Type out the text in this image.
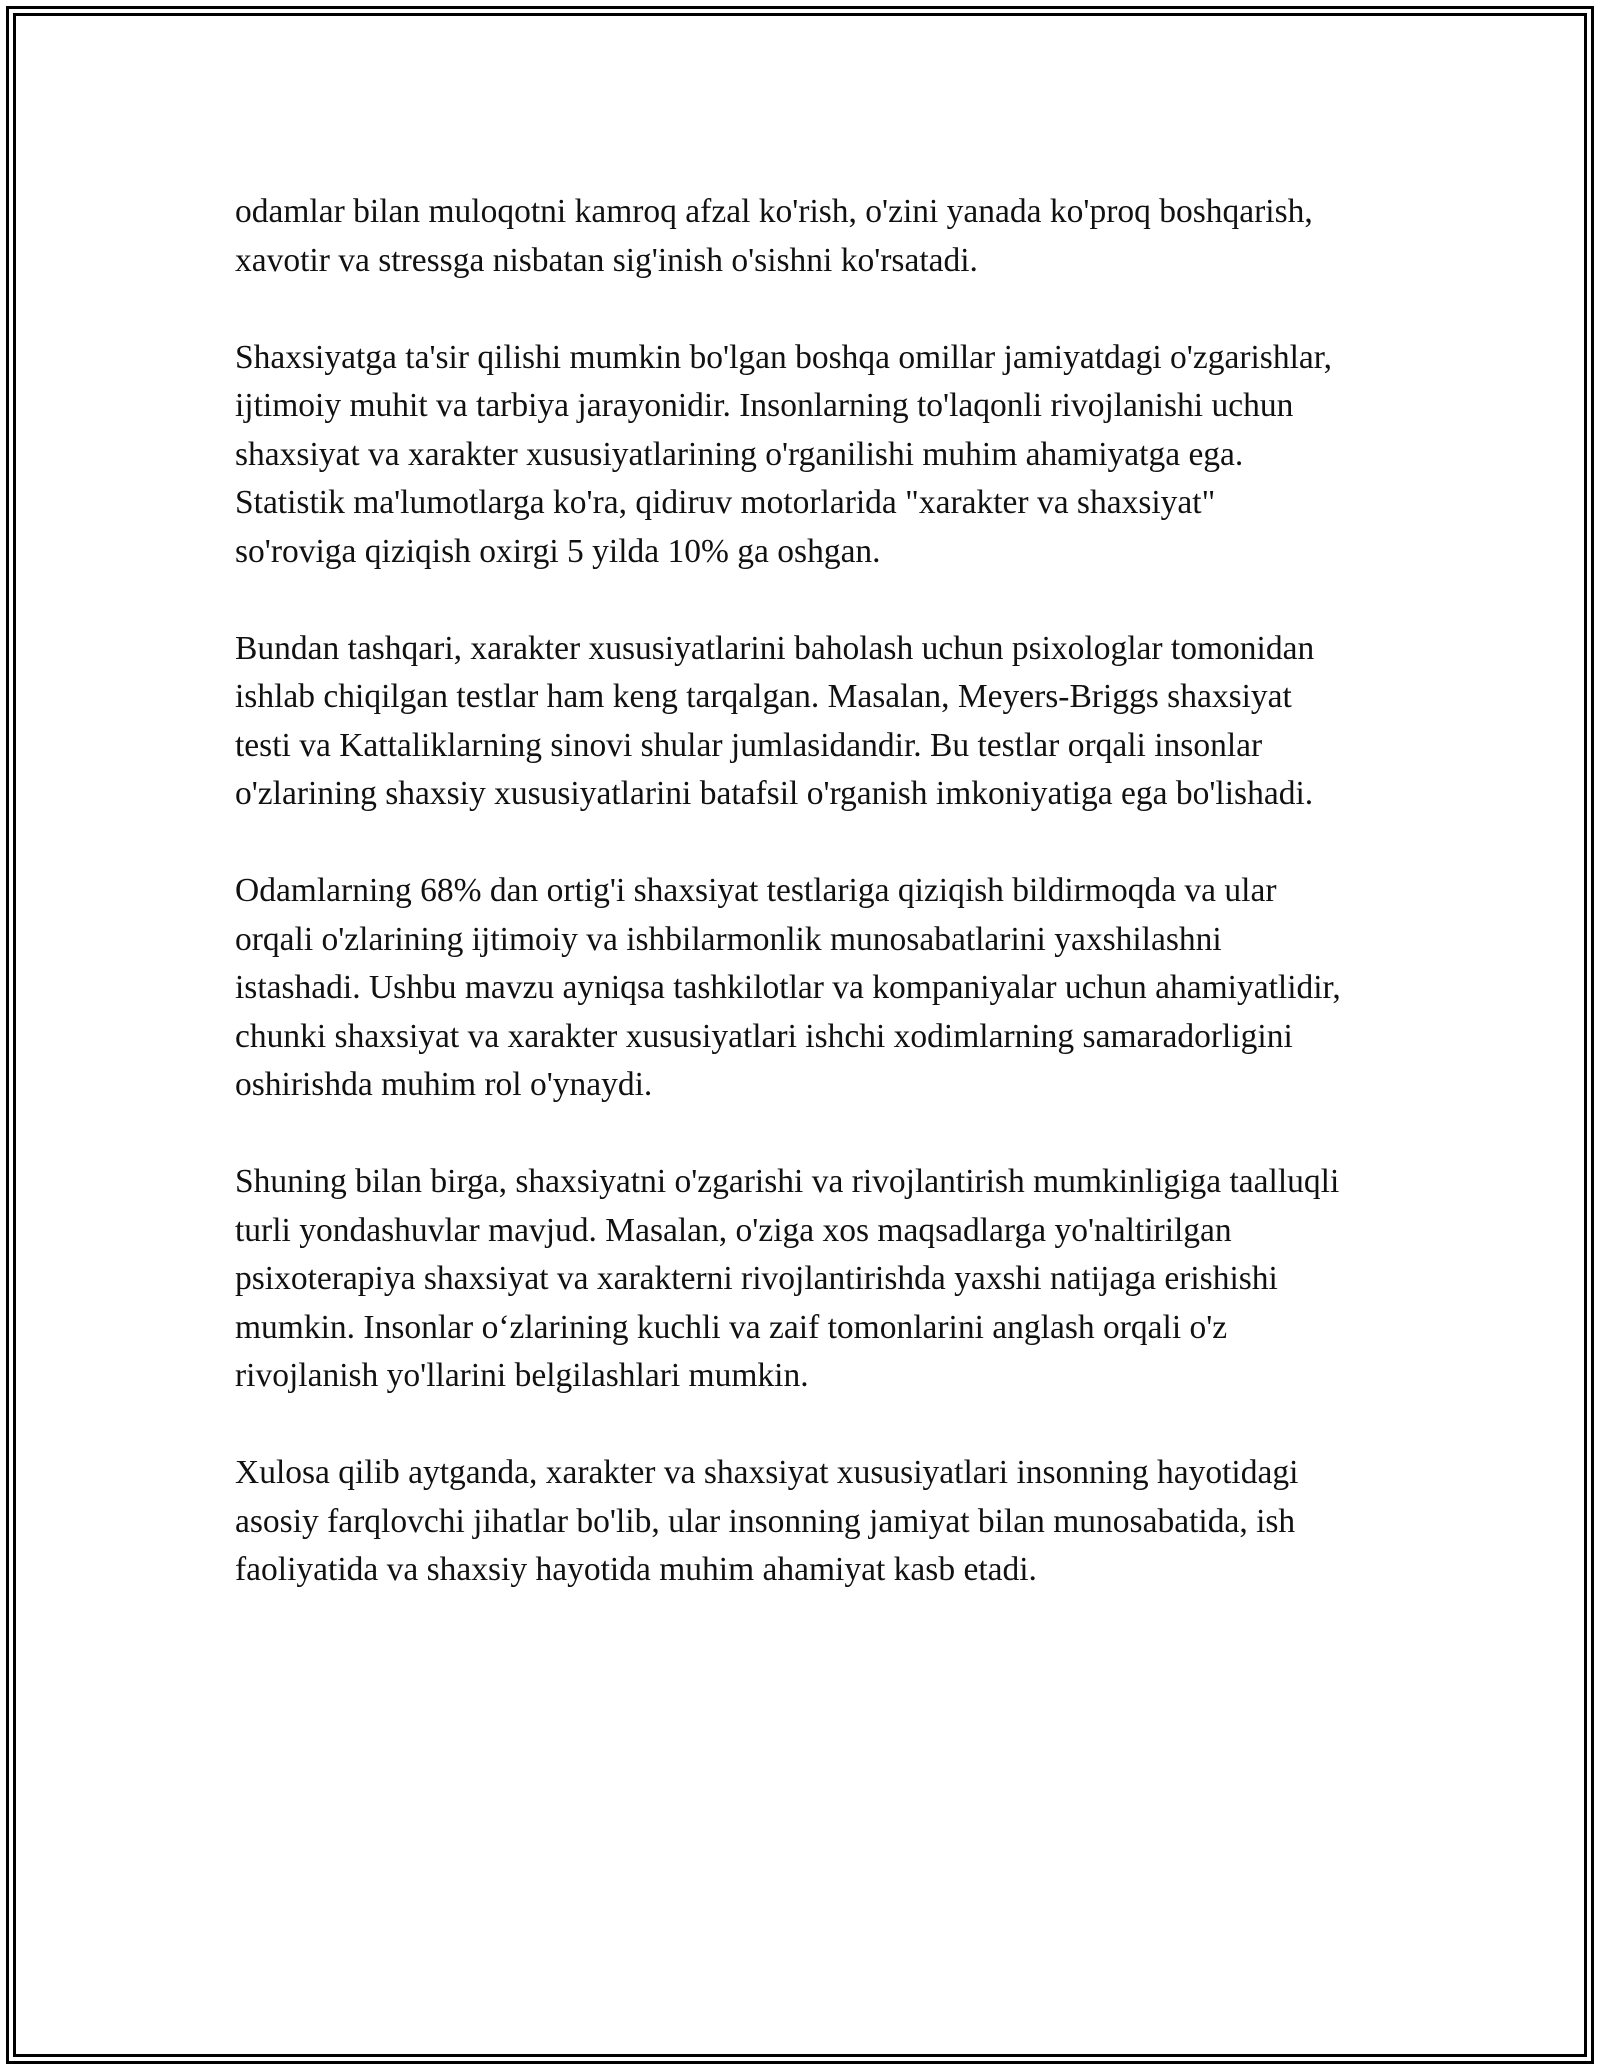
odamlar bilan muloqotni kamroq afzal ko'rish, o'zini yanada ko'proq boshqarish, xavotir va stressga nisbatan sig'inish o'sishni ko'rsatadi.

Shaxsiyatga ta'sir qilishi mumkin bo'lgan boshqa omillar jamiyatdagi o'zgarishlar, ijtimoiy muhit va tarbiya jarayonidir. Insonlarning to'laqonli rivojlanishi uchun shaxsiyat va xarakter xususiyatlarining o'rganilishi muhim ahamiyatga ega. Statistik ma'lumotlarga ko'ra, qidiruv motorlarida "xarakter va shaxsiyat" so'roviga qiziqish oxirgi 5 yilda 10% ga oshgan.

Bundan tashqari, xarakter xususiyatlarini baholash uchun psixologlar tomonidan ishlab chiqilgan testlar ham keng tarqalgan. Masalan, Meyers-Briggs shaxsiyat testi va Kattaliklarning sinovi shular jumlasidandir. Bu testlar orqali insonlar o'zlarining shaxsiy xususiyatlarini batafsil o'rganish imkoniyatiga ega bo'lishadi.

Odamlarning 68% dan ortig'i shaxsiyat testlariga qiziqish bildirmoqda va ular orqali o'zlarining ijtimoiy va ishbilarmonlik munosabatlarini yaxshilashni istashadi. Ushbu mavzu ayniqsa tashkilotlar va kompaniyalar uchun ahamiyatlidir, chunki shaxsiyat va xarakter xususiyatlari ishchi xodimlarning samaradorligini oshirishda muhim rol o'ynaydi.

Shuning bilan birga, shaxsiyatni o'zgarishi va rivojlantirish mumkinligiga taalluqli turli yondashuvlar mavjud. Masalan, o'ziga xos maqsadlarga yo'naltirilgan psixoterapiya shaxsiyat va xarakterni rivojlantirishda yaxshi natijaga erishishi mumkin. Insonlar o‘zlarining kuchli va zaif tomonlarini anglash orqali o'z rivojlanish yo'llarini belgilashlari mumkin.

Xulosa qilib aytganda, xarakter va shaxsiyat xususiyatlari insonning hayotidagi asosiy farqlovchi jihatlar bo'lib, ular insonning jamiyat bilan munosabatida, ish faoliyatida va shaxsiy hayotida muhim ahamiyat kasb etadi.
